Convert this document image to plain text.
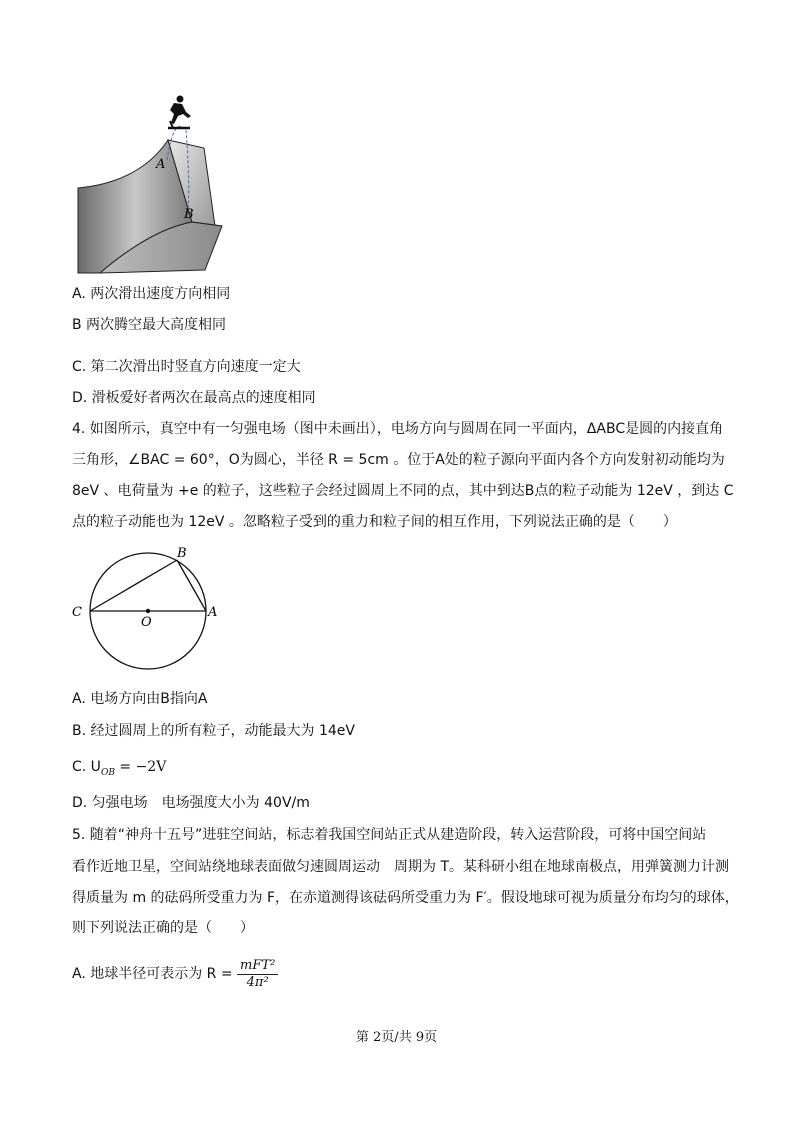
A
B
A. 两次滑出速度方向相同
B 两次腾空最大高度相同
C. 第二次滑出时竖直方向速度一定大
D. 滑板爱好者两次在最高点的速度相同
4. 如图所示，真空中有一匀强电场（图中未画出），电场方向与圆周在同一平面内，ΔABC是圆的内接直角
三角形，∠BAC = 60°，O为圆心，半径 R = 5cm 。位于A处的粒子源向平面内各个方向发射初动能均为
8eV 、电荷量为 +e 的粒子，这些粒子会经过圆周上不同的点，其中到达B点的粒子动能为 12eV ，到达 C
点的粒子动能也为 12eV 。忽略粒子受到的重力和粒子间的相互作用，下列说法正确的是（　　）
B
C
O
A
A. 电场方向由B指向A
B. 经过圆周上的所有粒子，动能最大为 14eV
C. $U_{OB} = -2V$
D. 匀强电场　电场强度大小为 40V/m
5. 随着“神舟十五号”进驻空间站，标志着我国空间站正式从建造阶段，转入运营阶段，可将中国空间站
看作近地卫星，空间站绕地球表面做匀速圆周运动　周期为 T。某科研小组在地球南极点，用弹簧测力计测
得质量为 m 的砝码所受重力为 F，在赤道测得该砝码所受重力为 F′。假设地球可视为质量分布均匀的球体，
则下列说法正确的是（　　）
A. 地球半径可表示为 $R = \frac{\text{mFT²}}{\text{4π²}}$
第 2页/共 9页
